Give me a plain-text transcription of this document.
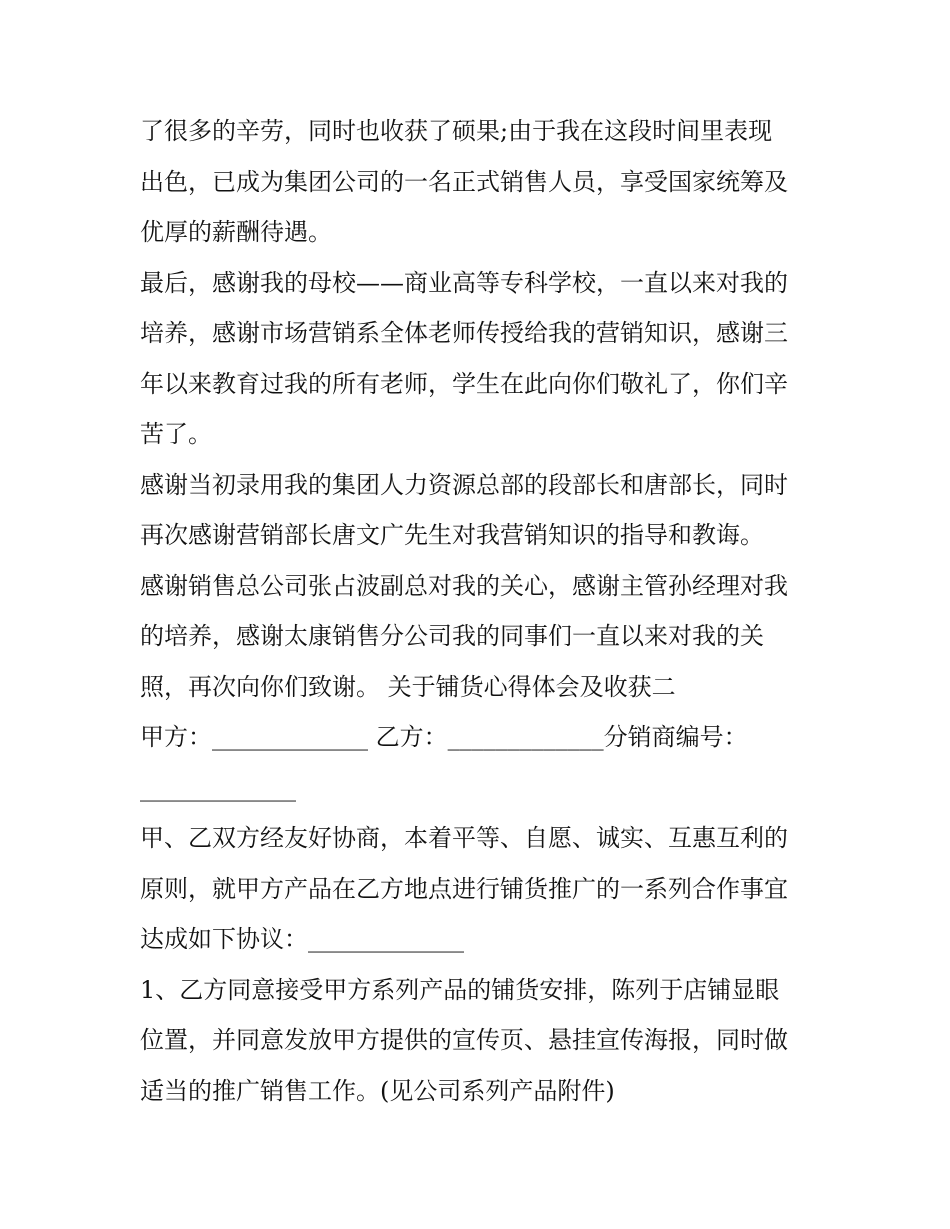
了很多的辛劳，同时也收获了硕果;由于我在这段时间里表现
出色，已成为集团公司的一名正式销售人员，享受国家统筹及
优厚的薪酬待遇。
最后，感谢我的母校——商业高等专科学校，一直以来对我的
培养，感谢市场营销系全体老师传授给我的营销知识，感谢三
年以来教育过我的所有老师，学生在此向你们敬礼了，你们辛
苦了。
感谢当初录用我的集团人力资源总部的段部长和唐部长，同时
再次感谢营销部长唐文广先生对我营销知识的指导和教诲。
感谢销售总公司张占波副总对我的关心，感谢主管孙经理对我
的培养，感谢太康销售分公司我的同事们一直以来对我的关
照，再次向你们致谢。 关于铺货心得体会及收获二
甲方：_____________ 乙方：_____________分销商编号：
_____________
甲、乙双方经友好协商，本着平等、自愿、诚实、互惠互利的
原则，就甲方产品在乙方地点进行铺货推广的一系列合作事宜
达成如下协议：_____________
1、乙方同意接受甲方系列产品的铺货安排，陈列于店铺显眼
位置，并同意发放甲方提供的宣传页、悬挂宣传海报，同时做
适当的推广销售工作。(见公司系列产品附件)
